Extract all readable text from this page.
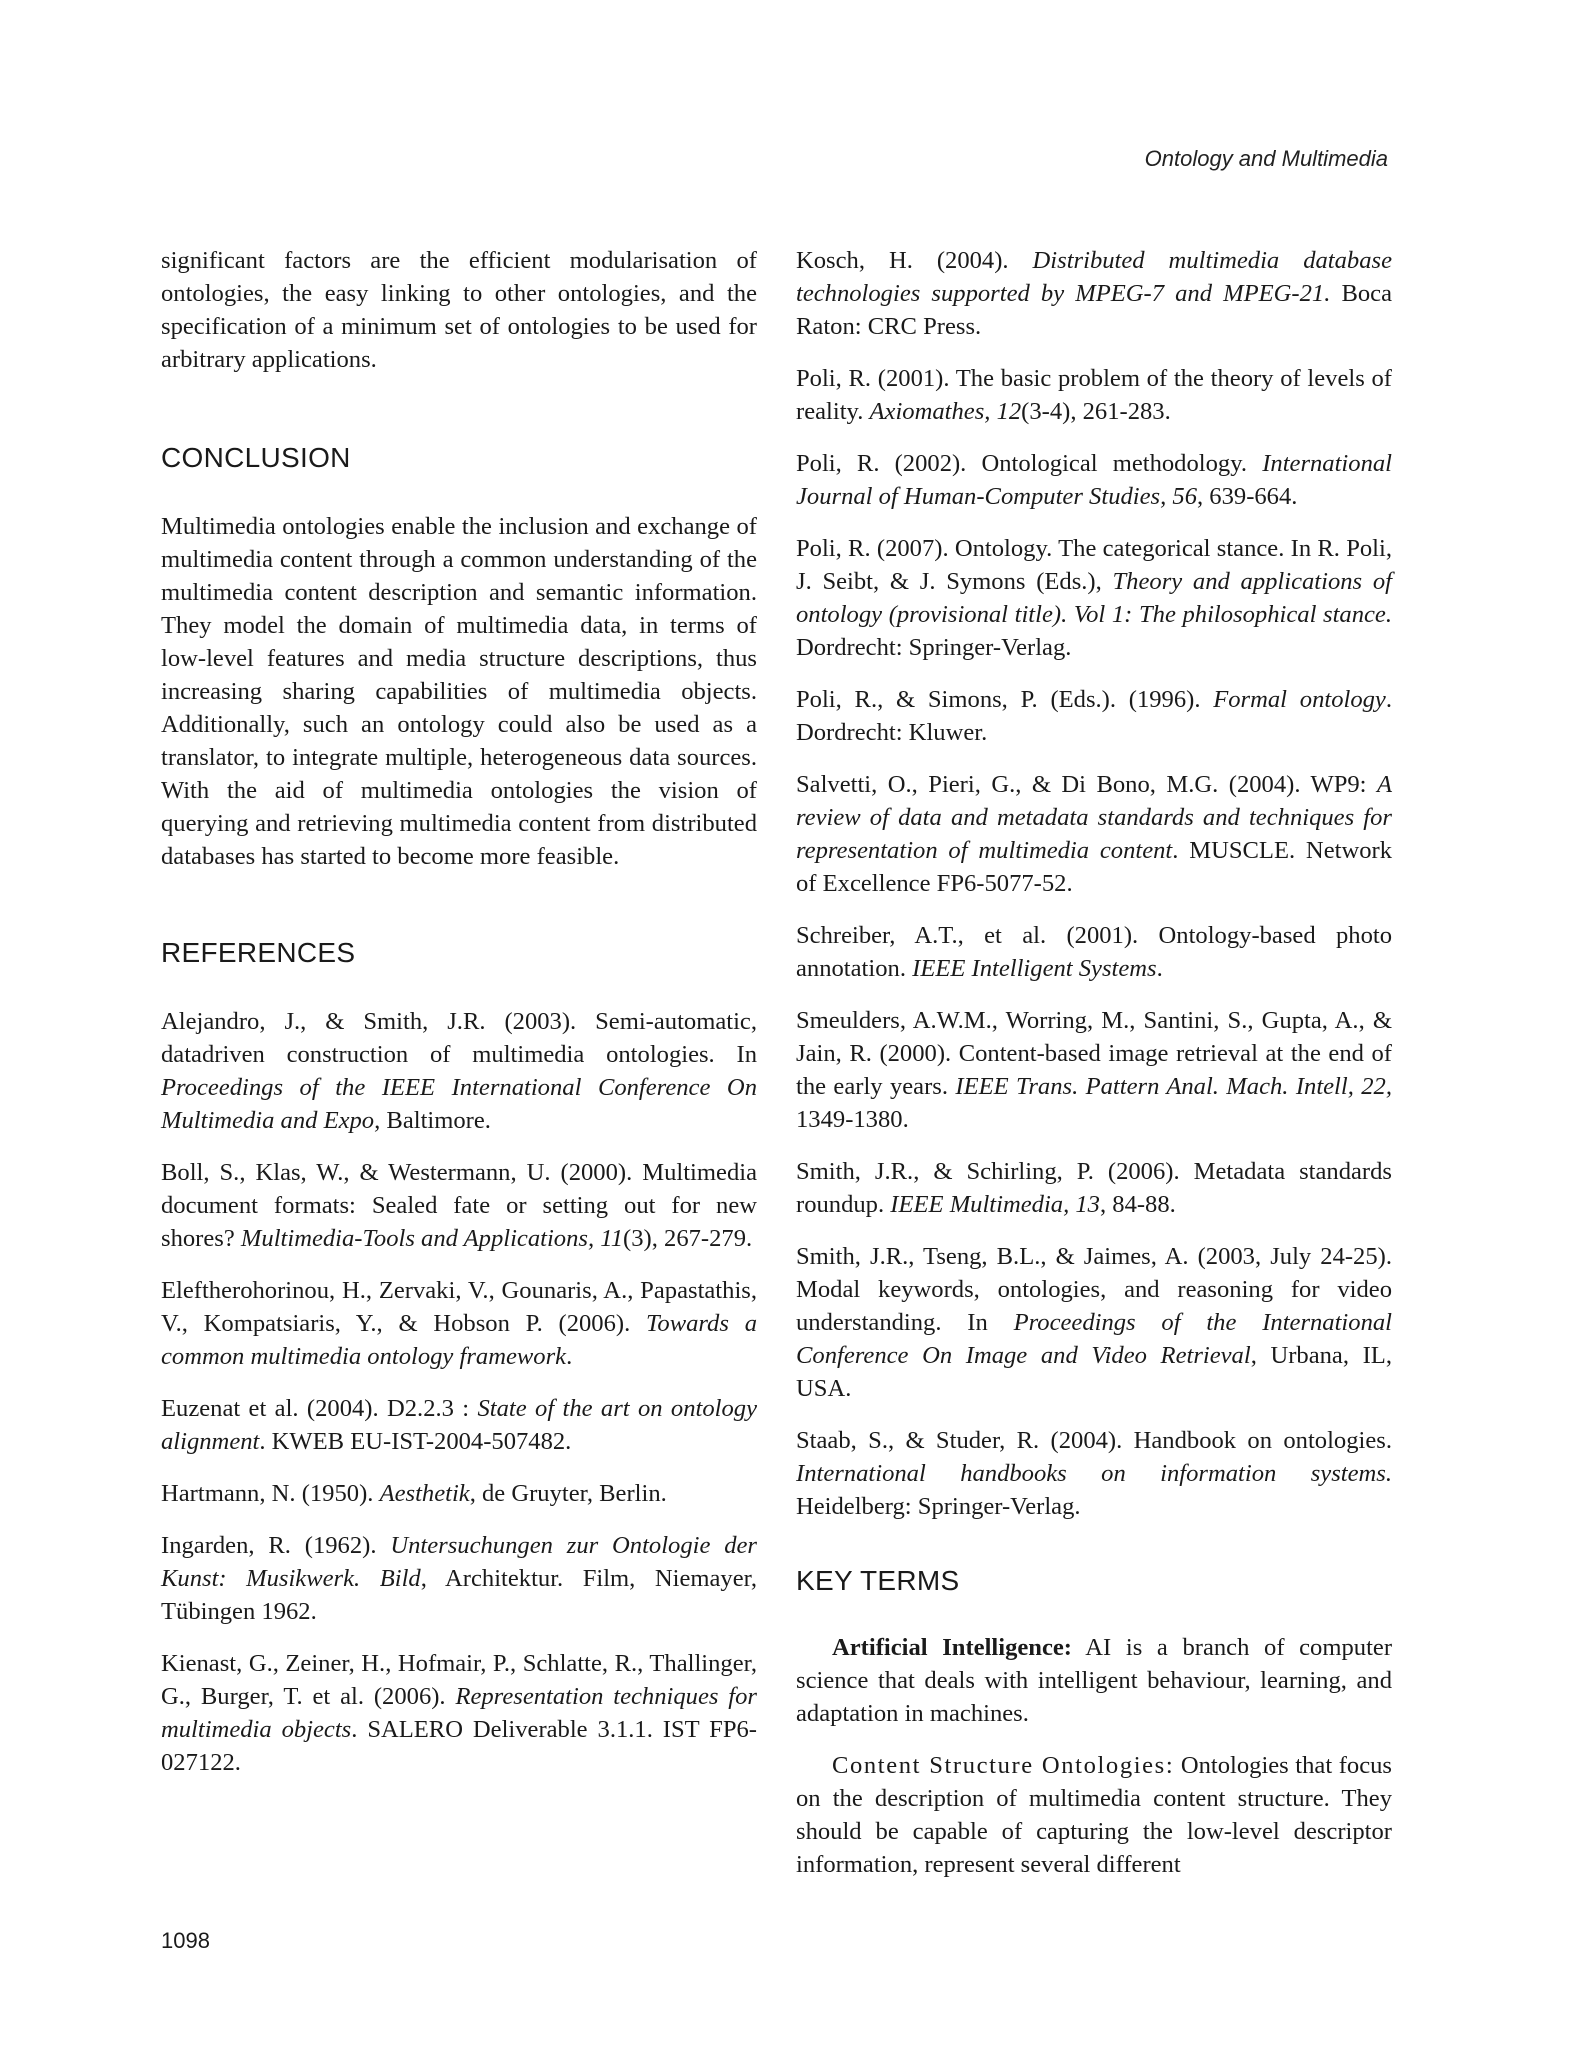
Ontology and Multimedia

significant factors are the efficient modularisation of ontologies, the easy linking to other ontologies, and the specification of a minimum set of ontologies to be used for arbitrary applications.

CONCLUSION

Multimedia ontologies enable the inclusion and exchange of multimedia content through a common understanding of the multimedia content description and semantic information. They model the domain of multimedia data, in terms of low-level features and media structure descriptions, thus increasing sharing capabilities of multimedia objects. Additionally, such an ontology could also be used as a translator, to integrate multiple, heterogeneous data sources. With the aid of multimedia ontologies the vision of querying and retrieving multimedia content from distributed databases has started to become more feasible.

REFERENCES

Alejandro, J., & Smith, J.R. (2003). Semi-automatic, datadriven construction of multimedia ontologies. In Proceedings of the IEEE International Conference On Multimedia and Expo, Baltimore.

Boll, S., Klas, W., & Westermann, U. (2000). Multimedia document formats: Sealed fate or setting out for new shores? Multimedia-Tools and Applications, 11(3), 267-279.

Eleftherohorinou, H., Zervaki, V., Gounaris, A., Papastathis, V., Kompatsiaris, Y., & Hobson P. (2006). Towards a common multimedia ontology framework.

Euzenat et al. (2004). D2.2.3 : State of the art on ontology alignment. KWEB EU-IST-2004-507482.

Hartmann, N. (1950). Aesthetik, de Gruyter, Berlin.

Ingarden, R. (1962). Untersuchungen zur Ontologie der Kunst: Musikwerk. Bild, Architektur. Film, Niemayer, Tübingen 1962.

Kienast, G., Zeiner, H., Hofmair, P., Schlatte, R., Thallinger, G., Burger, T. et al. (2006). Representation techniques for multimedia objects. SALERO Deliverable 3.1.1. IST FP6-027122.

Kosch, H. (2004). Distributed multimedia database technologies supported by MPEG-7 and MPEG-21. Boca Raton: CRC Press.

Poli, R. (2001). The basic problem of the theory of levels of reality. Axiomathes, 12(3-4), 261-283.

Poli, R. (2002). Ontological methodology. International Journal of Human-Computer Studies, 56, 639-664.

Poli, R. (2007). Ontology. The categorical stance. In R. Poli, J. Seibt, & J. Symons (Eds.), Theory and applications of ontology (provisional title). Vol 1: The philosophical stance. Dordrecht: Springer-Verlag.

Poli, R., & Simons, P. (Eds.). (1996). Formal ontology. Dordrecht: Kluwer.

Salvetti, O., Pieri, G., & Di Bono, M.G. (2004). WP9: A review of data and metadata standards and techniques for representation of multimedia content. MUSCLE. Network of Excellence FP6-5077-52.

Schreiber, A.T., et al. (2001). Ontology-based photo annotation. IEEE Intelligent Systems.

Smeulders, A.W.M., Worring, M., Santini, S., Gupta, A., & Jain, R. (2000). Content-based image retrieval at the end of the early years. IEEE Trans. Pattern Anal. Mach. Intell, 22, 1349-1380.

Smith, J.R., & Schirling, P. (2006). Metadata standards roundup. IEEE Multimedia, 13, 84-88.

Smith, J.R., Tseng, B.L., & Jaimes, A. (2003, July 24-25). Modal keywords, ontologies, and reasoning for video understanding. In Proceedings of the International Conference On Image and Video Retrieval, Urbana, IL, USA.

Staab, S., & Studer, R. (2004). Handbook on ontologies. International handbooks on information systems. Heidelberg: Springer-Verlag.

KEY TERMS

Artificial Intelligence: AI is a branch of computer science that deals with intelligent behaviour, learning, and adaptation in machines.

Content Structure Ontologies: Ontologies that focus on the description of multimedia content structure. They should be capable of capturing the low-level descriptor information, represent several different

1098
